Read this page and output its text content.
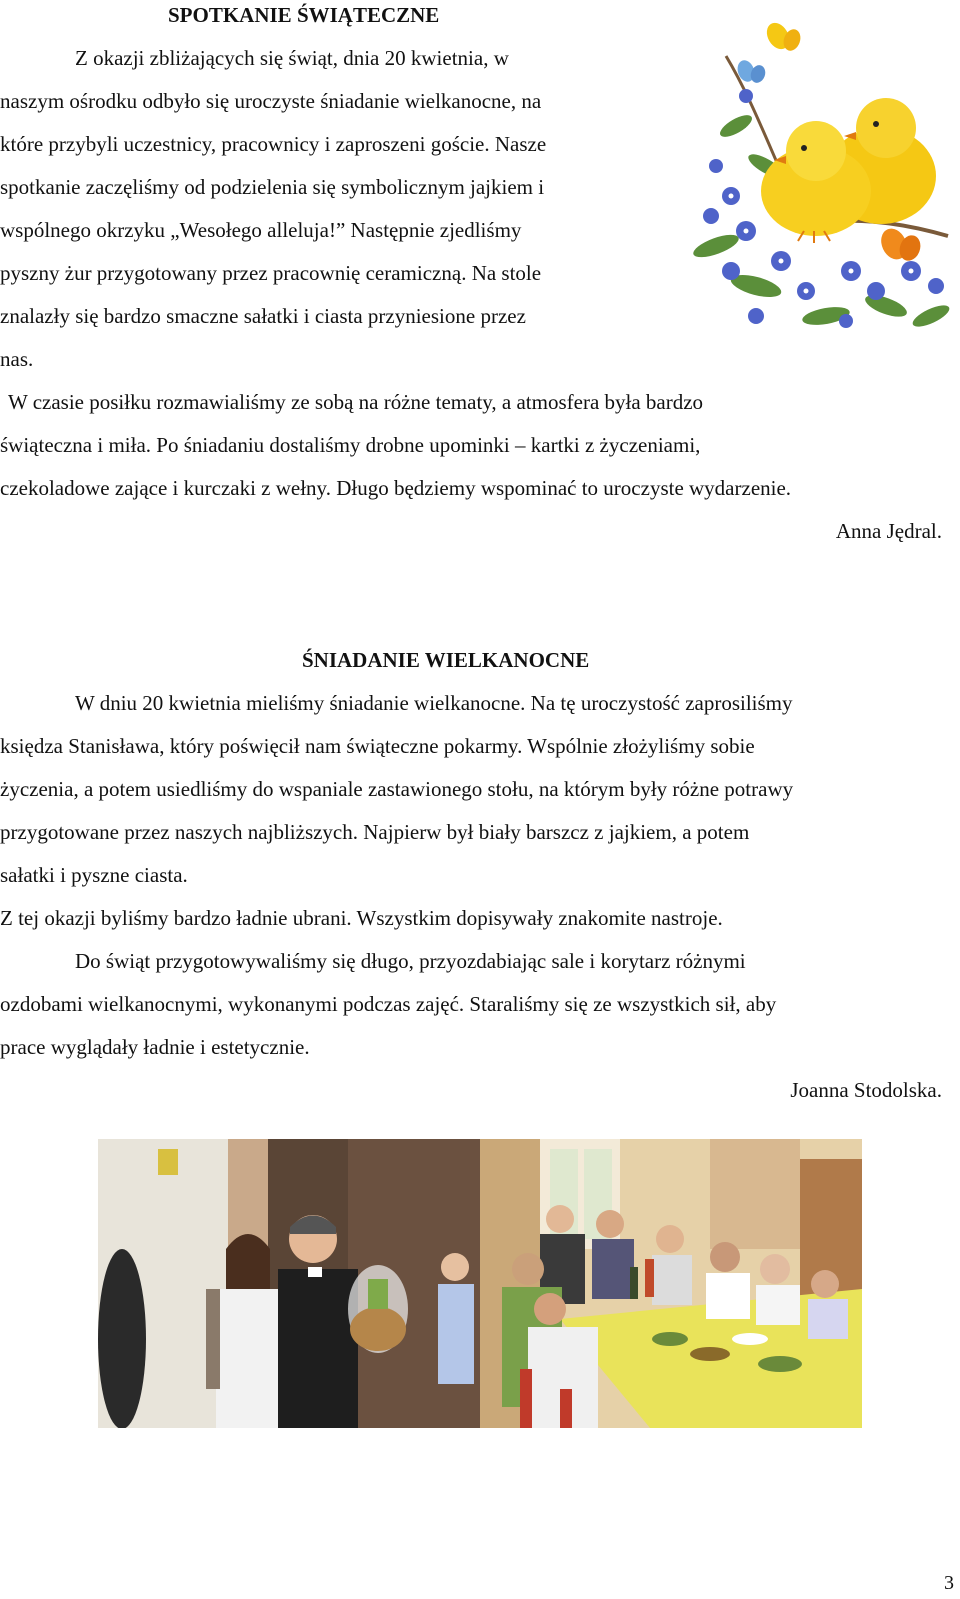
SPOTKANIE ŚWIĄTECZNE
Z okazji zbliżających się świąt, dnia 20 kwietnia, w
naszym ośrodku odbyło się uroczyste śniadanie wielkanocne, na
które przybyli uczestnicy, pracownicy i zaproszeni goście. Nasze
spotkanie zaczęliśmy od podzielenia się symbolicznym jajkiem i
wspólnego okrzyku „Wesołego alleluja!” Następnie zjedliśmy
pyszny żur przygotowany przez pracownię ceramiczną. Na stole
znalazły się bardzo smaczne sałatki i ciasta przyniesione przez
nas.
W czasie posiłku rozmawialiśmy ze sobą na różne tematy, a atmosfera była bardzo
świąteczna i miła. Po śniadaniu dostaliśmy drobne upominki – kartki z życzeniami,
czekoladowe zające i kurczaki z wełny. Długo będziemy wspominać to uroczyste wydarzenie.
Anna Jędral.
ŚNIADANIE WIELKANOCNE
W dniu 20 kwietnia mieliśmy śniadanie wielkanocne. Na tę uroczystość zaprosiliśmy
księdza Stanisława, który poświęcił nam świąteczne pokarmy. Wspólnie złożyliśmy sobie
życzenia, a potem usiedliśmy do wspaniale zastawionego stołu, na którym były różne potrawy
przygotowane przez naszych najbliższych. Najpierw był biały barszcz z jajkiem, a potem
sałatki i pyszne ciasta.
Z tej okazji byliśmy bardzo ładnie ubrani. Wszystkim dopisywały znakomite nastroje.
Do świąt przygotowywaliśmy się długo, przyozdabiając sale i korytarz różnymi
ozdobami wielkanocnymi, wykonanymi podczas zajęć. Staraliśmy się ze wszystkich sił, aby
prace wyglądały ładnie i estetycznie.
Joanna Stodolska.
3
